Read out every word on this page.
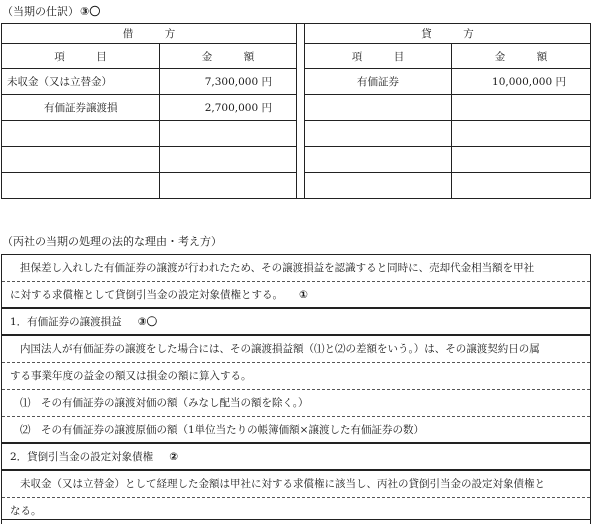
（当期の仕訳）③〇
借　　　方			貸　　　方	
項　　　目	金　　　額		項　　　目	金　　　額
未収金（又は立替金）	7,300,000 円		有価証券	10,000,000 円
有価証券譲渡損	2,700,000 円			

（丙社の当期の処理の法的な理由・考え方）
担保差し入れした有価証券の譲渡が行われたため、その譲渡損益を認識すると同時に、売却代金相当額を甲社
に対する求償権として貸倒引当金の設定対象債権とする。 ①
1．有価証券の譲渡損益 ③〇
内国法人が有価証券の譲渡をした場合には、その譲渡損益額（⑴と⑵の差額をいう。）は、その譲渡契約日の属
する事業年度の益金の額又は損金の額に算入する。
⑴　その有価証券の譲渡対価の額（みなし配当の額を除く。）
⑵　その有価証券の譲渡原価の額（1単位当たりの帳簿価額×譲渡した有価証券の数）
2．貸倒引当金の設定対象債権 ②
未収金（又は立替金）として経理した金額は甲社に対する求償権に該当し、丙社の貸倒引当金の設定対象債権と
なる。
